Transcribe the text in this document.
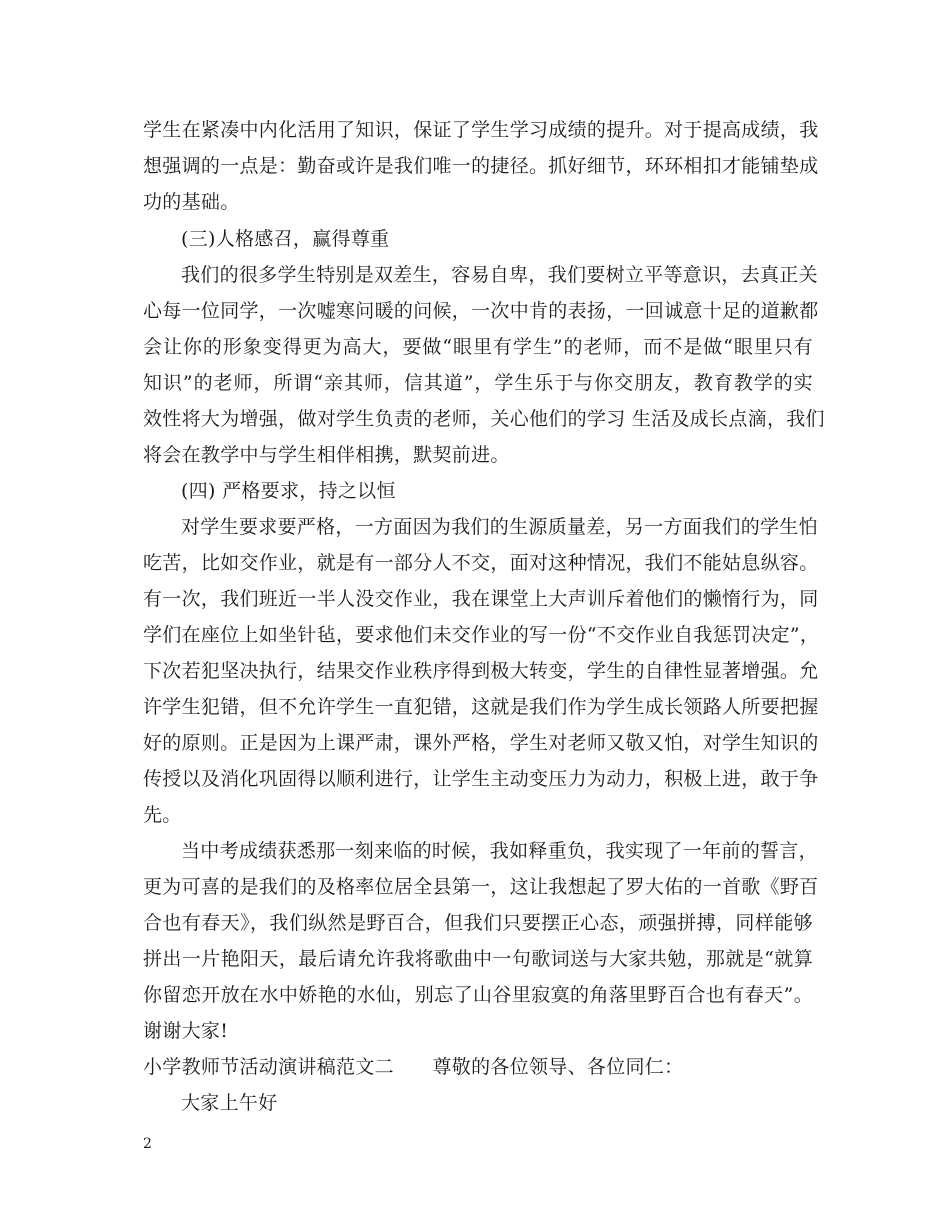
学生在紧凑中内化活用了知识，保证了学生学习成绩的提升。对于提高成绩，我
想强调的一点是：勤奋或许是我们唯一的捷径。抓好细节，环环相扣才能铺垫成
功的基础。
(三)人格感召，赢得尊重
我们的很多学生特别是双差生，容易自卑，我们要树立平等意识，去真正关
心每一位同学，一次嘘寒问暖的问候，一次中肯的表扬，一回诚意十足的道歉都
会让你的形象变得更为高大，要做“眼里有学生”的老师，而不是做“眼里只有
知识”的老师，所谓“亲其师，信其道”，学生乐于与你交朋友，教育教学的实
效性将大为增强，做对学生负责的老师，关心他们的学习 生活及成长点滴，我们
将会在教学中与学生相伴相携，默契前进。
(四) 严格要求，持之以恒
对学生要求要严格，一方面因为我们的生源质量差，另一方面我们的学生怕
吃苦，比如交作业，就是有一部分人不交，面对这种情况，我们不能姑息纵容。
有一次，我们班近一半人没交作业，我在课堂上大声训斥着他们的懒惰行为，同
学们在座位上如坐针毡，要求他们未交作业的写一份“不交作业自我惩罚决定”，
下次若犯坚决执行，结果交作业秩序得到极大转变，学生的自律性显著增强。允
许学生犯错，但不允许学生一直犯错，这就是我们作为学生成长领路人所要把握
好的原则。正是因为上课严肃，课外严格，学生对老师又敬又怕，对学生知识的
传授以及消化巩固得以顺利进行，让学生主动变压力为动力，积极上进，敢于争
先。
当中考成绩获悉那一刻来临的时候，我如释重负，我实现了一年前的誓言，
更为可喜的是我们的及格率位居全县第一，这让我想起了罗大佑的一首歌《野百
合也有春天》，我们纵然是野百合，但我们只要摆正心态，顽强拼搏，同样能够
拼出一片艳阳天，最后请允许我将歌曲中一句歌词送与大家共勉，那就是“就算
你留恋开放在水中娇艳的水仙，别忘了山谷里寂寞的角落里野百合也有春天”。
谢谢大家!
小学教师节活动演讲稿范文二　　尊敬的各位领导、各位同仁：
大家上午好
2
